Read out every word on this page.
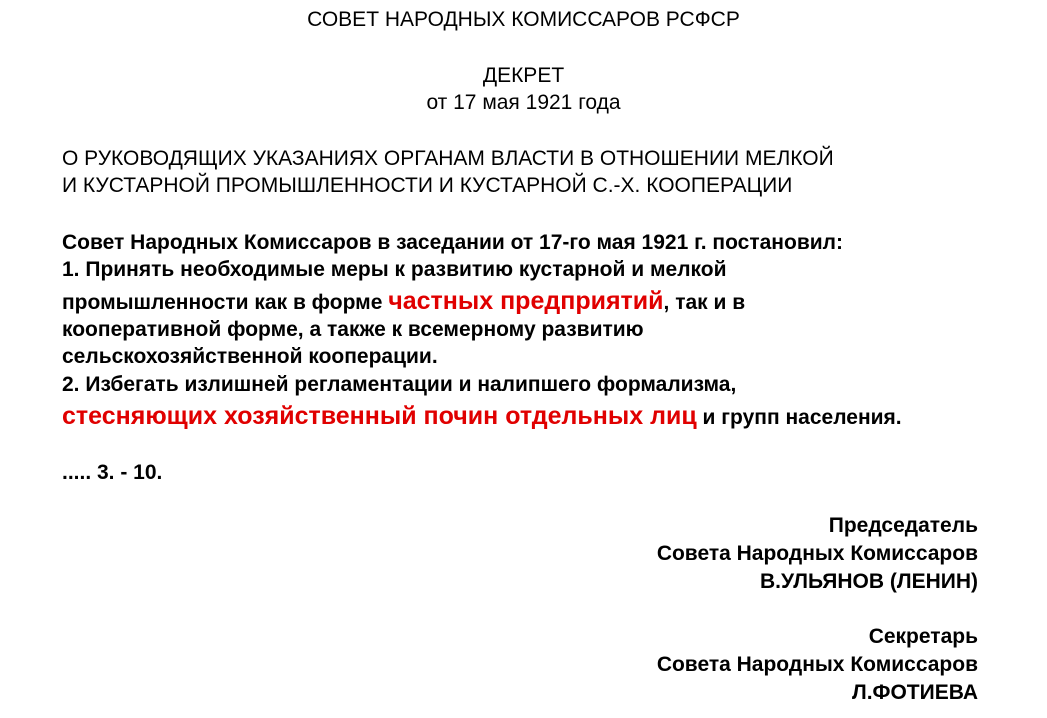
СОВЕТ НАРОДНЫХ КОМИССАРОВ РСФСР
ДЕКРЕТ
от 17 мая 1921 года
О РУКОВОДЯЩИХ УКАЗАНИЯХ ОРГАНАМ ВЛАСТИ В ОТНОШЕНИИ МЕЛКОЙ
И КУСТАРНОЙ ПРОМЫШЛЕННОСТИ И КУСТАРНОЙ С.-Х. КООПЕРАЦИИ
Совет Народных Комиссаров в заседании от 17-го мая 1921 г. постановил:
1. Принять необходимые меры к развитию кустарной и мелкой
промышленности как в форме частных предприятий, так и в
кооперативной форме, а также к всемерному развитию
сельскохозяйственной кооперации.
2. Избегать излишней регламентации и налипшего формализма,
стесняющих хозяйственный почин отдельных лиц и групп населения.
..... 3. - 10.
Председатель
Совета Народных Комиссаров
В.УЛЬЯНОВ (ЛЕНИН)
Секретарь
Совета Народных Комиссаров
Л.ФОТИЕВА
